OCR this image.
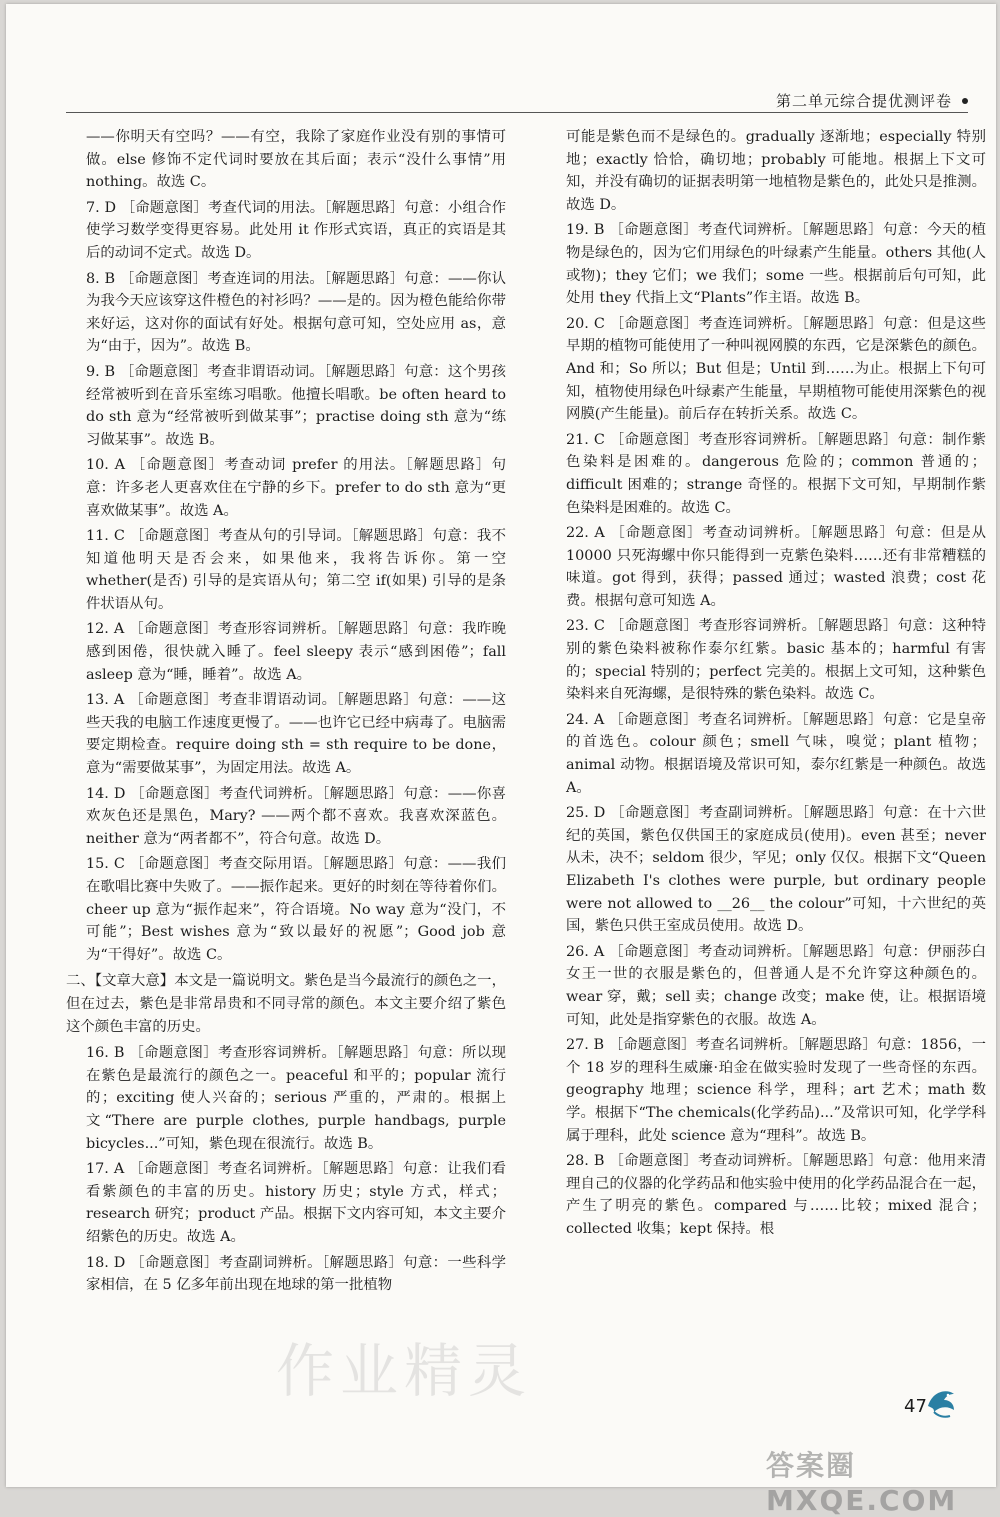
第二单元综合提优测评卷
——你明天有空吗？——有空，我除了家庭作业没有别的事情可做。else 修饰不定代词时要放在其后面；表示“没什么事情”用 nothing。故选 C。
7. D ［命题意图］考查代词的用法。［解题思路］句意：小组合作使学习数学变得更容易。此处用 it 作形式宾语，真正的宾语是其后的动词不定式。故选 D。
8. B ［命题意图］考查连词的用法。［解题思路］句意：——你认为我今天应该穿这件橙色的衬衫吗？——是的。因为橙色能给你带来好运，这对你的面试有好处。根据句意可知，空处应用 as，意为“由于，因为”。故选 B。
9. B ［命题意图］考查非谓语动词。［解题思路］句意：这个男孩经常被听到在音乐室练习唱歌。他擅长唱歌。be often heard to do sth 意为“经常被听到做某事”；practise doing sth 意为“练习做某事”。故选 B。
10. A ［命题意图］考查动词 prefer 的用法。［解题思路］句意：许多老人更喜欢住在宁静的乡下。prefer to do sth 意为“更喜欢做某事”。故选 A。
11. C ［命题意图］考查从句的引导词。［解题思路］句意：我不知道他明天是否会来，如果他来，我将告诉你。第一空 whether(是否) 引导的是宾语从句；第二空 if(如果) 引导的是条件状语从句。
12. A ［命题意图］考查形容词辨析。［解题思路］句意：我昨晚感到困倦，很快就入睡了。feel sleepy 表示“感到困倦”；fall asleep 意为“睡，睡着”。故选 A。
13. A ［命题意图］考查非谓语动词。［解题思路］句意：——这些天我的电脑工作速度更慢了。——也许它已经中病毒了。电脑需要定期检查。require doing sth = sth require to be done，意为“需要做某事”，为固定用法。故选 A。
14. D ［命题意图］考查代词辨析。［解题思路］句意：——你喜欢灰色还是黑色，Mary? ——两个都不喜欢。我喜欢深蓝色。neither 意为“两者都不”，符合句意。故选 D。
15. C ［命题意图］考查交际用语。［解题思路］句意：——我们在歌唱比赛中失败了。——振作起来。更好的时刻在等待着你们。cheer up 意为“振作起来”，符合语境。No way 意为“没门，不可能”；Best wishes 意为“致以最好的祝愿”；Good job 意为“干得好”。故选 C。
二、【文章大意】本文是一篇说明文。紫色是当今最流行的颜色之一，但在过去，紫色是非常昂贵和不同寻常的颜色。本文主要介绍了紫色这个颜色丰富的历史。
16. B ［命题意图］考查形容词辨析。［解题思路］句意：所以现在紫色是最流行的颜色之一。peaceful 和平的；popular 流行的；exciting 使人兴奋的；serious 严重的，严肃的。根据上文“There are purple clothes, purple handbags, purple bicycles...”可知，紫色现在很流行。故选 B。
17. A ［命题意图］考查名词辨析。［解题思路］句意：让我们看看紫颜色的丰富的历史。history 历史；style 方式，样式；research 研究；product 产品。根据下文内容可知，本文主要介绍紫色的历史。故选 A。
18. D ［命题意图］考查副词辨析。［解题思路］句意：一些科学家相信，在 5 亿多年前出现在地球的第一批植物
可能是紫色而不是绿色的。gradually 逐渐地；especially 特别地；exactly 恰恰，确切地；probably 可能地。根据上下文可知，并没有确切的证据表明第一地植物是紫色的，此处只是推测。故选 D。
19. B ［命题意图］考查代词辨析。［解题思路］句意：今天的植物是绿色的，因为它们用绿色的叶绿素产生能量。others 其他(人或物)；they 它们；we 我们；some 一些。根据前后句可知，此处用 they 代指上文“Plants”作主语。故选 B。
20. C ［命题意图］考查连词辨析。［解题思路］句意：但是这些早期的植物可能使用了一种叫视网膜的东西，它是深紫色的颜色。And 和；So 所以；But 但是；Until 到……为止。根据上下句可知，植物使用绿色叶绿素产生能量，早期植物可能使用深紫色的视网膜(产生能量)。前后存在转折关系。故选 C。
21. C ［命题意图］考查形容词辨析。［解题思路］句意：制作紫色染料是困难的。dangerous 危险的；common 普通的；difficult 困难的；strange 奇怪的。根据下文可知，早期制作紫色染料是困难的。故选 C。
22. A ［命题意图］考查动词辨析。［解题思路］句意：但是从 10000 只死海螺中你只能得到一克紫色染料……还有非常糟糕的味道。got 得到，获得；passed 通过；wasted 浪费；cost 花费。根据句意可知选 A。
23. C ［命题意图］考查形容词辨析。［解题思路］句意：这种特别的紫色染料被称作泰尔红紫。basic 基本的；harmful 有害的；special 特别的；perfect 完美的。根据上文可知，这种紫色染料来自死海螺，是很特殊的紫色染料。故选 C。
24. A ［命题意图］考查名词辨析。［解题思路］句意：它是皇帝的首选色。colour 颜色；smell 气味，嗅觉；plant 植物；animal 动物。根据语境及常识可知，泰尔红紫是一种颜色。故选 A。
25. D ［命题意图］考查副词辨析。［解题思路］句意：在十六世纪的英国，紫色仅供国王的家庭成员(使用)。even 甚至；never 从未，决不；seldom 很少，罕见；only 仅仅。根据下文“Queen Elizabeth I's clothes were purple, but ordinary people were not allowed to __26__ the colour”可知，十六世纪的英国，紫色只供王室成员使用。故选 D。
26. A ［命题意图］考查动词辨析。［解题思路］句意：伊丽莎白女王一世的衣服是紫色的，但普通人是不允许穿这种颜色的。wear 穿，戴；sell 卖；change 改变；make 使，让。根据语境可知，此处是指穿紫色的衣服。故选 A。
27. B ［命题意图］考查名词辨析。［解题思路］句意：1856，一个 18 岁的理科生威廉·珀金在做实验时发现了一些奇怪的东西。geography 地理；science 科学，理科；art 艺术；math 数学。根据下“The chemicals(化学药品)...”及常识可知，化学学科属于理科，此处 science 意为“理科”。故选 B。
28. B ［命题意图］考查动词辨析。［解题思路］句意：他用来清理自己的仪器的化学药品和他实验中使用的化学药品混合在一起，产生了明亮的紫色。compared 与……比较；mixed 混合；collected 收集；kept 保持。根
作业精灵
47
答案圈 MXQE.COM
